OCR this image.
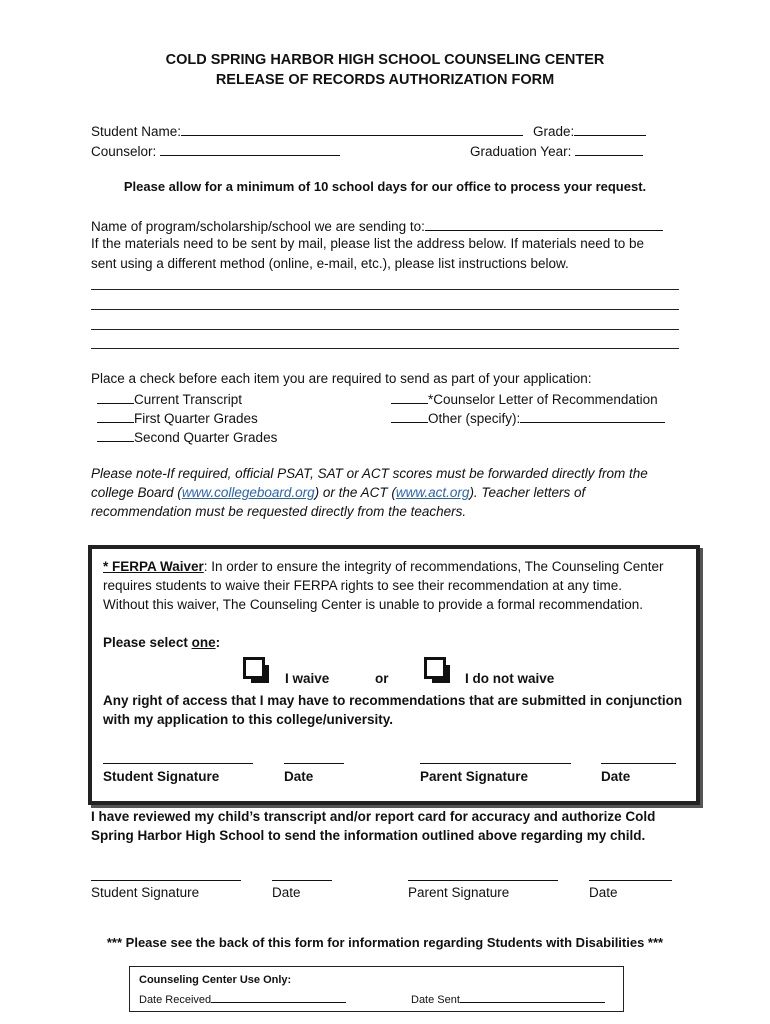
COLD SPRING HARBOR HIGH SCHOOL COUNSELING CENTER
RELEASE OF RECORDS AUTHORIZATION FORM
Student Name:	Grade:
Counselor:	Graduation Year:
Please allow for a minimum of 10 school days for our office to process your request.
Name of program/scholarship/school we are sending to:
If the materials need to be sent by mail, please list the address below. If materials need to be
sent using a different method (online, e-mail, etc.), please list instructions below.
Place a check before each item you are required to send as part of your application:
Current Transcript
First Quarter Grades
Second Quarter Grades
*Counselor Letter of Recommendation
Other (specify):
Please note-If required, official PSAT, SAT or ACT scores must be forwarded directly from the
college Board (www.collegeboard.org) or the ACT (www.act.org). Teacher letters of
recommendation must be requested directly from the teachers.
* FERPA Waiver: In order to ensure the integrity of recommendations, The Counseling Center
requires students to waive their FERPA rights to see their recommendation at any time.
Without this waiver, The Counseling Center is unable to provide a formal recommendation.
Please select one:
I waive	or	I do not waive
Any right of access that I may have to recommendations that are submitted in conjunction
with my application to this college/university.
Student Signature	Date	Parent Signature	Date
I have reviewed my child’s transcript and/or report card for accuracy and authorize Cold
Spring Harbor High School to send the information outlined above regarding my child.
Student Signature	Date	Parent Signature	Date
*** Please see the back of this form for information regarding Students with Disabilities ***
Counseling Center Use Only:
Date Received	Date Sent
